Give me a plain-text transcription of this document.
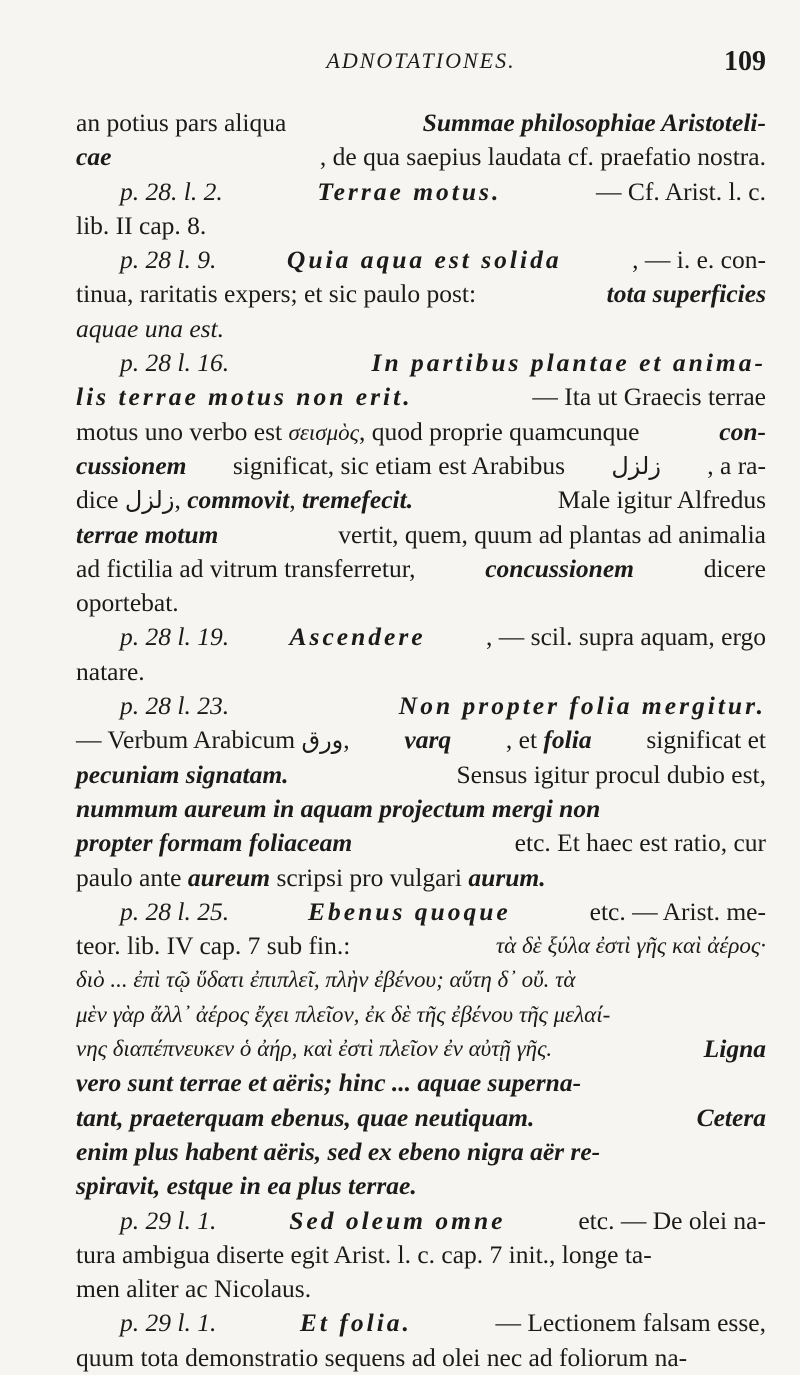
ADNOTATIONES.	109
an potius pars aliqua	Summae philosophiae Aristoteli-
cae	, de qua saepius laudata cf. praefatio nostra.
p. 28. l. 2.	Terrae motus.	— Cf. Arist. l. c.
lib. II cap. 8.
p. 28 l. 9.	Quia aqua est solida	, — i. e. con-
tinua, raritatis expers; et sic paulo post:	tota superficies
aquae una est.
p. 28 l. 16.	In partibus plantae et anima-
lis terrae motus non erit.	— Ita ut Graecis terrae
motus uno verbo est σεισμὸς, quod proprie quamcunque	con-
cussionem significat, sic etiam est Arabibus زلزل , a ra-
dice زلزل, commovit, tremefecit.	Male igitur Alfredus
terrae motum	vertit, quem, quum ad plantas ad animalia
ad fictilia ad vitrum transferretur,	concussionem	dicere
oportebat.
p. 28 l. 19. Ascendere , — scil. supra aquam, ergo
natare.
p. 28 l. 23.	Non propter folia mergitur.
— Verbum Arabicum ورق, varq , et folia significat et
pecuniam signatam.	Sensus igitur procul dubio est,
nummum aureum in aquam projectum mergi non
propter formam foliaceam	etc. Et haec est ratio, cur
paulo ante aureum scripsi pro vulgari aurum.
p. 28 l. 25.	Ebenus quoque	etc. — Arist. me-
teor. lib. IV cap. 7 sub fin.:	τὰ δὲ ξύλα ἐστὶ γῆς καὶ ἀέρος·
διὸ ... ἐπὶ τῷ ὕδατι ἐπιπλεῖ, πλὴν ἐβένου; αὕτη δ᾽ οὔ. τὰ
μὲν γὰρ ἄλλ᾽ ἀέρος ἔχει πλεῖον, ἐκ δὲ τῆς ἐβένου τῆς μελαί-
νης διαπέπνευκεν ὁ ἀήρ, καὶ ἐστὶ πλεῖον ἐν αὐτῇ γῆς.	Ligna
vero sunt terrae et aëris; hinc ... aquae superna-
tant, praeterquam ebenus, quae neutiquam.	Cetera
enim plus habent aëris, sed ex ebeno nigra aër re-
spiravit, estque in ea plus terrae.
p. 29 l. 1.	Sed oleum omne	etc. — De olei na-
tura ambigua diserte egit Arist. l. c. cap. 7 init., longe ta-
men aliter ac Nicolaus.
p. 29 l. 1.	Et folia.	— Lectionem falsam esse,
quum tota demonstratio sequens ad olei nec ad foliorum na-
